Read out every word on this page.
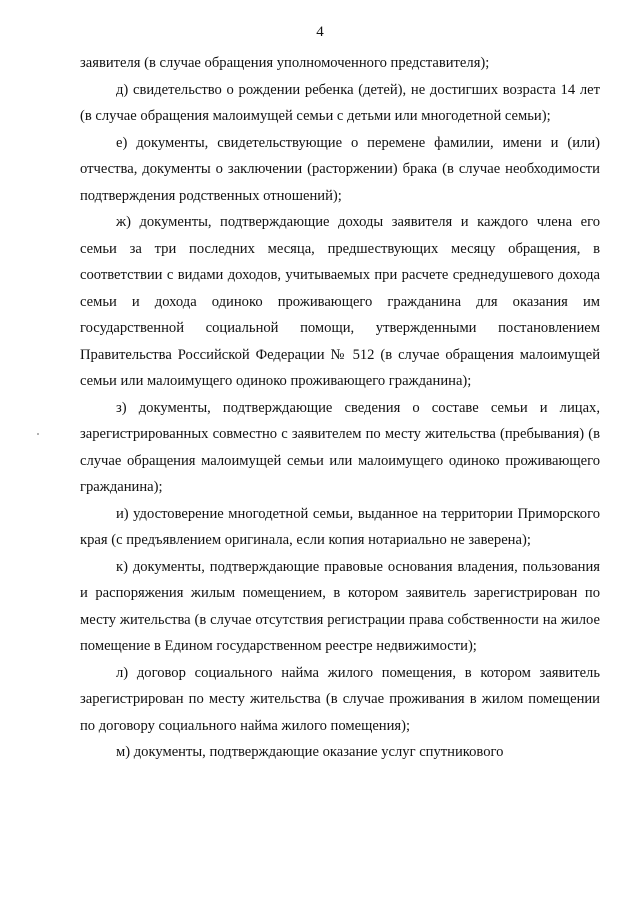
4

заявителя (в случае обращения уполномоченного представителя);

д) свидетельство о рождении ребенка (детей), не достигших возраста 14 лет (в случае обращения малоимущей семьи с детьми или многодетной семьи);

е) документы, свидетельствующие о перемене фамилии, имени и (или) отчества, документы о заключении (расторжении) брака (в случае необходимости подтверждения родственных отношений);

ж) документы, подтверждающие доходы заявителя и каждого члена его семьи за три последних месяца, предшествующих месяцу обращения, в соответствии с видами доходов, учитываемых при расчете среднедушевого дохода семьи и дохода одиноко проживающего гражданина для оказания им государственной социальной помощи, утвержденными постановлением Правительства Российской Федерации № 512 (в случае обращения малоимущей семьи или малоимущего одиноко проживающего гражданина);

з) документы, подтверждающие сведения о составе семьи и лицах, зарегистрированных совместно с заявителем по месту жительства (пребывания) (в случае обращения малоимущей семьи или малоимущего одиноко проживающего гражданина);

и) удостоверение многодетной семьи, выданное на территории Приморского края (с предъявлением оригинала, если копия нотариально не заверена);

к) документы, подтверждающие правовые основания владения, пользования и распоряжения жилым помещением, в котором заявитель зарегистрирован по месту жительства (в случае отсутствия регистрации права собственности на жилое помещение в Едином государственном реестре недвижимости);

л) договор социального найма жилого помещения, в котором заявитель зарегистрирован по месту жительства (в случае проживания в жилом помещении по договору социального найма жилого помещения);

м) документы, подтверждающие оказание услуг спутникового
